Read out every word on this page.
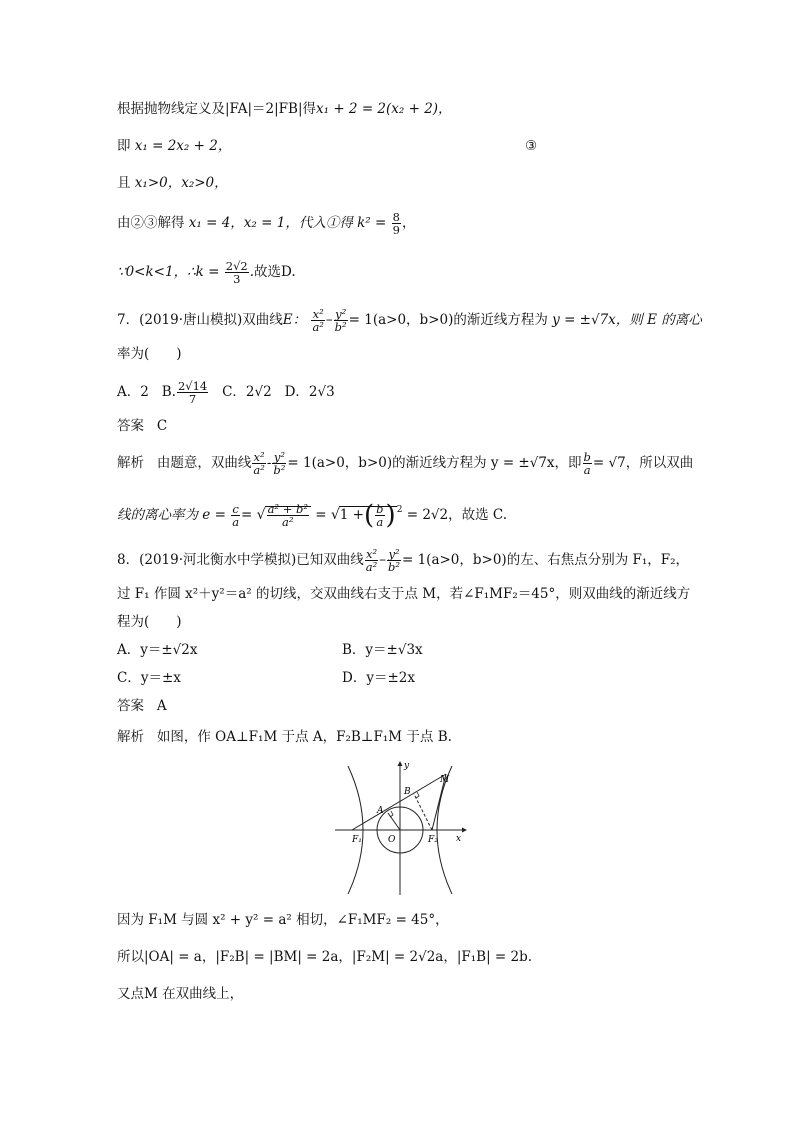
根据抛物线定义及|FA|＝2|FB|得x₁ + 2 = 2(x₂ + 2)，
即 x₁ = 2x₂ + 2，	③
且 x₁>0，x₂>0，
由②③解得 x₁ = 4，x₂ = 1，代入①得 $k^2 = \frac{8}{9}$ ，
∵0<k<1，∴k = $\frac{2√2}{3}$ .故选D.
7．(2019·唐山模拟)双曲线E： $\frac{\text{x²}}{\text{a²}} - \frac{\text{y²}}{\text{b²}} = 1(a>0$，b>0)的渐近线方程为 y = ±√7x，则 E 的离心
率为(　　)
A．2 B. $\frac{2√14}{7}$ C．2√2 D．2√3
答案 C
解析 由题意，双曲线 $\frac{\text{x²}}{\text{a²}} - \frac{\text{y²}}{\text{b²}} = 1(a>0$，b>0)的渐近线方程为 y = ±√7x，即 $\frac{b}{a} = √7$，所以双曲
线的离心率为 $e = \frac{c}{a}$ = √ $\frac{\text{a² + b²}}{\text{a²}} = √1$ +( $\frac{b}{a} )^2 = 2√2$，故选 C.
8．(2019·河北衡水中学模拟)已知双曲线 $\frac{\text{x²}}{\text{a²}} - \frac{\text{y²}}{\text{b²}} = 1(a>0$，b>0)的左、右焦点分别为 F₁，F₂，
过 F₁ 作圆 x²＋y²＝a² 的切线，交双曲线右支于点 M，若∠F₁MF₂＝45°，则双曲线的渐近线方
程为(　　)
A．y＝±√2x	B．y＝±√3x
C．y＝±x	D．y＝±2x
答案 A
解析 如图，作 OA⊥F₁M 于点 A，F₂B⊥F₁M 于点 B.
y
x
O
A
B
M
F₁	F₂
因为 F₁M 与圆 x² + y² = a² 相切，∠F₁MF₂ = 45°，
所以|OA| = a，|F₂B| = |BM| = 2a，|F₂M| = 2√2a，|F₁B| = 2b.
又点M 在双曲线上，
